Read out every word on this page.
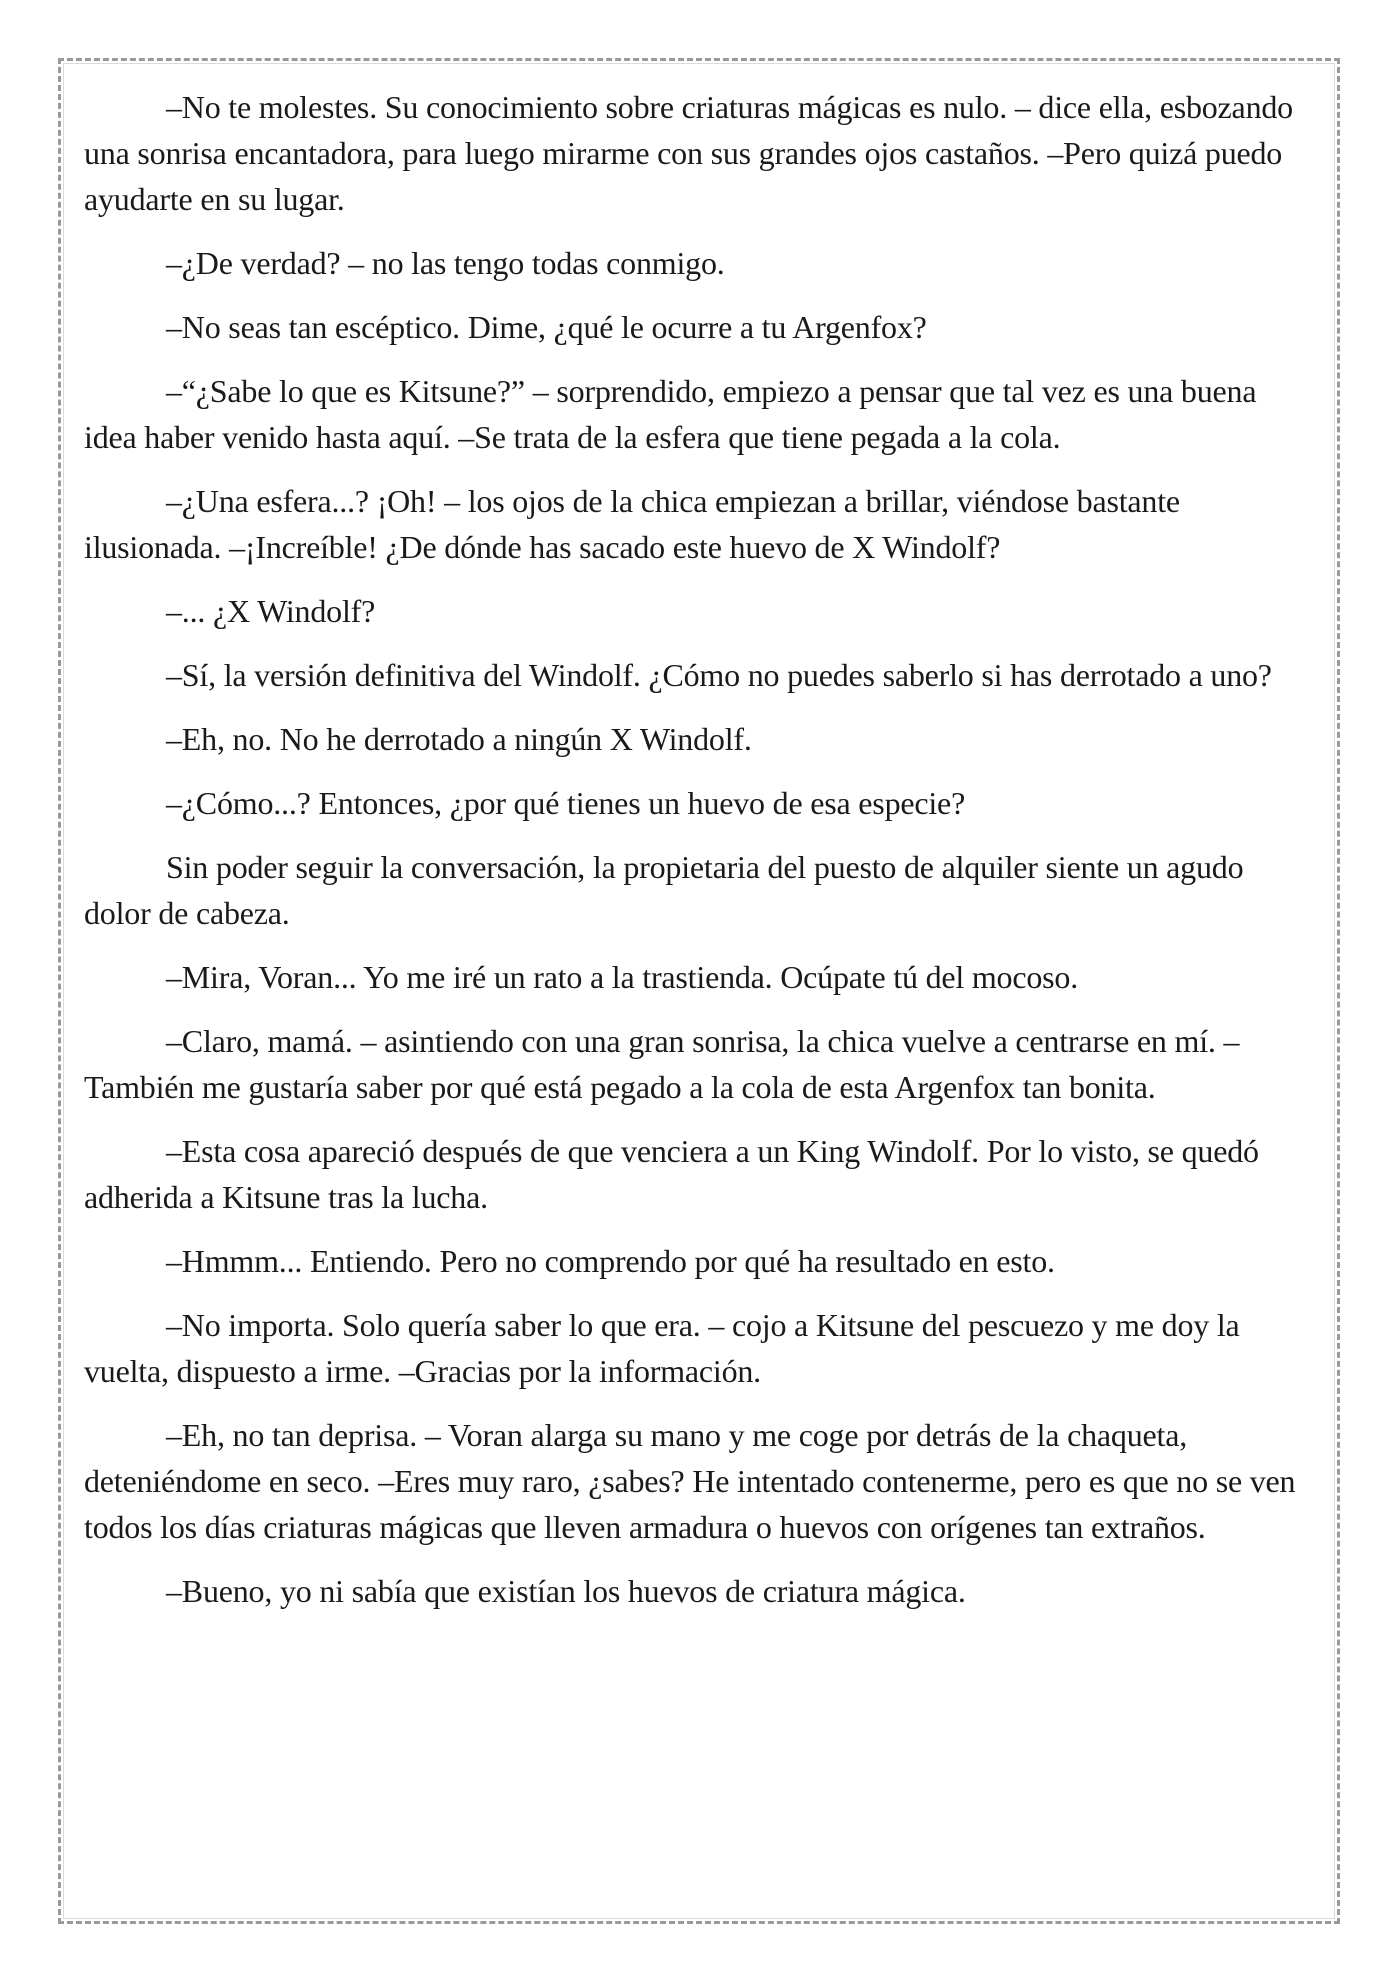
–No te molestes. Su conocimiento sobre criaturas mágicas es nulo. – dice ella, esbozando una sonrisa encantadora, para luego mirarme con sus grandes ojos castaños. –Pero quizá puedo ayudarte en su lugar.

–¿De verdad? – no las tengo todas conmigo.

–No seas tan escéptico. Dime, ¿qué le ocurre a tu Argenfox?

–“¿Sabe lo que es Kitsune?” – sorprendido, empiezo a pensar que tal vez es una buena idea haber venido hasta aquí. –Se trata de la esfera que tiene pegada a la cola.

–¿Una esfera...? ¡Oh! – los ojos de la chica empiezan a brillar, viéndose bastante ilusionada. –¡Increíble! ¿De dónde has sacado este huevo de X Windolf?

–... ¿X Windolf?

–Sí, la versión definitiva del Windolf. ¿Cómo no puedes saberlo si has derrotado a uno?

–Eh, no. No he derrotado a ningún X Windolf.

–¿Cómo...? Entonces, ¿por qué tienes un huevo de esa especie?

Sin poder seguir la conversación, la propietaria del puesto de alquiler siente un agudo dolor de cabeza.

–Mira, Voran... Yo me iré un rato a la trastienda. Ocúpate tú del mocoso.

–Claro, mamá. – asintiendo con una gran sonrisa, la chica vuelve a centrarse en mí. –También me gustaría saber por qué está pegado a la cola de esta Argenfox tan bonita.

–Esta cosa apareció después de que venciera a un King Windolf. Por lo visto, se quedó adherida a Kitsune tras la lucha.

–Hmmm... Entiendo. Pero no comprendo por qué ha resultado en esto.

–No importa. Solo quería saber lo que era. – cojo a Kitsune del pescuezo y me doy la vuelta, dispuesto a irme. –Gracias por la información.

–Eh, no tan deprisa. – Voran alarga su mano y me coge por detrás de la chaqueta, deteniéndome en seco. –Eres muy raro, ¿sabes? He intentado contenerme, pero es que no se ven todos los días criaturas mágicas que lleven armadura o huevos con orígenes tan extraños.

–Bueno, yo ni sabía que existían los huevos de criatura mágica.
